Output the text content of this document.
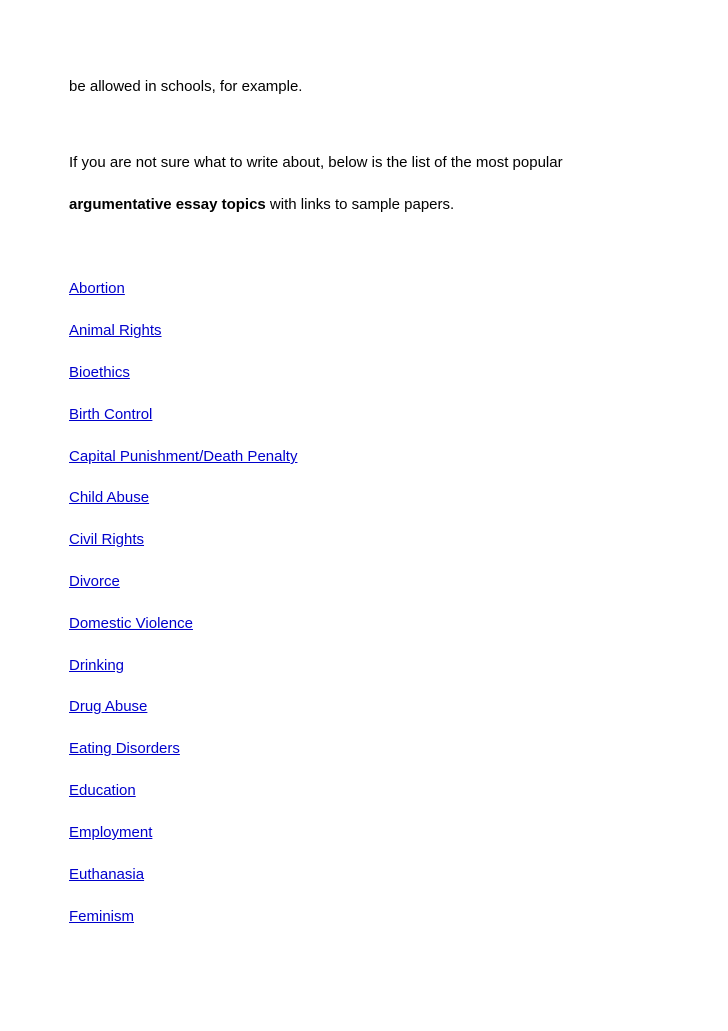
be allowed in schools, for example.
If you are not sure what to write about, below is the list of the most popular
argumentative essay topics with links to sample papers.
Abortion
Animal Rights
Bioethics
Birth Control
Capital Punishment/Death Penalty
Child Abuse
Civil Rights
Divorce
Domestic Violence
Drinking
Drug Abuse
Eating Disorders
Education
Employment
Euthanasia
Feminism
